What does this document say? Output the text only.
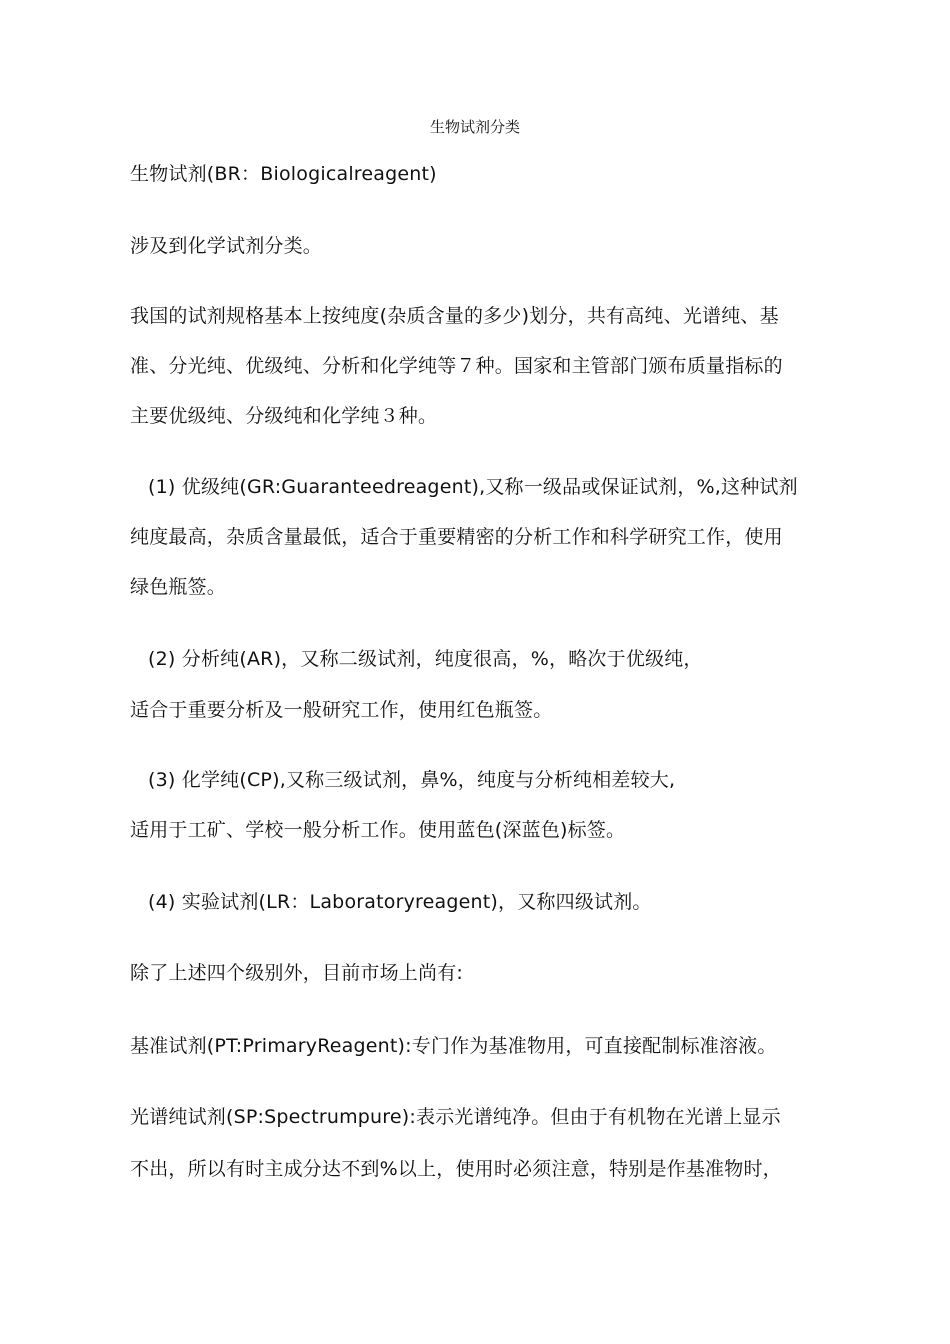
生物试剂分类
生物试剂(BR：Biologicalreagent)
涉及到化学试剂分类。
我国的试剂规格基本上按纯度(杂质含量的多少)划分，共有高纯、光谱纯、基
准、分光纯、优级纯、分析和化学纯等７种。国家和主管部门颁布质量指标的
主要优级纯、分级纯和化学纯３种。
(1) 优级纯(GR:Guaranteedreagent),又称一级品或保证试剂，%,这种试剂
纯度最高，杂质含量最低，适合于重要精密的分析工作和科学研究工作，使用
绿色瓶签。
(2) 分析纯(AR)，又称二级试剂，纯度很高，%，略次于优级纯，
适合于重要分析及一般研究工作，使用红色瓶签。
(3) 化学纯(CP),又称三级试剂，鼻%，纯度与分析纯相差较大,
适用于工矿、学校一般分析工作。使用蓝色(深蓝色)标签。
(4) 实验试剂(LR：Laboratoryreagent)，又称四级试剂。
除了上述四个级别外，目前市场上尚有:
基准试剂(PT:PrimaryReagent):专门作为基准物用，可直接配制标准溶液。
光谱纯试剂(SP:Spectrumpure):表示光谱纯净。但由于有机物在光谱上显示
不出，所以有时主成分达不到%以上，使用时必须注意，特别是作基准物时，
